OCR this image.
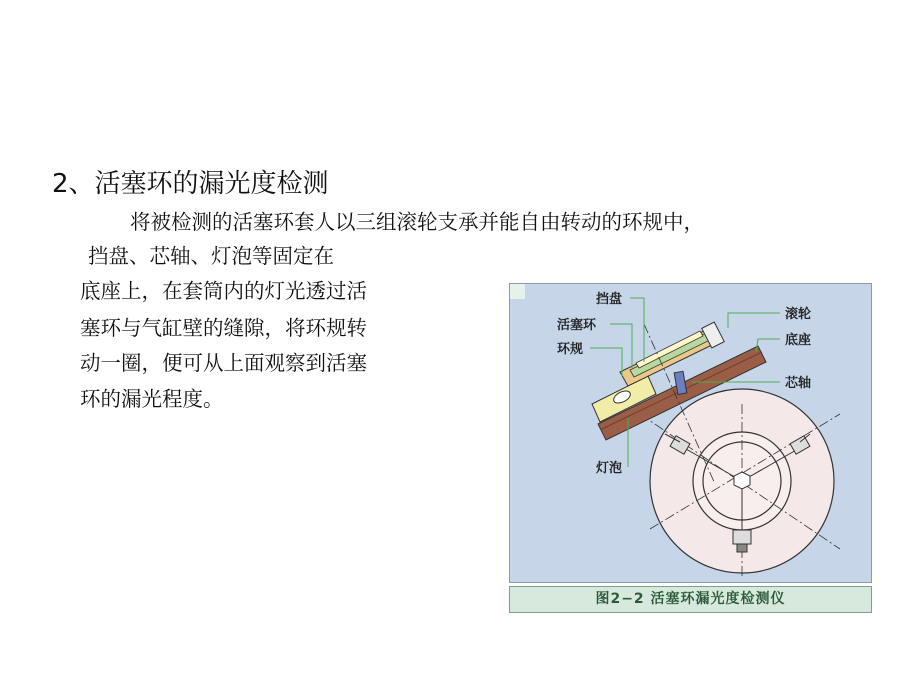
2、活塞环的漏光度检测
将被检测的活塞环套人以三组滚轮支承并能自由转动的环规中，
挡盘、芯轴、灯泡等固定在
底座上，在套筒内的灯光透过活
塞环与气缸壁的缝隙，将环规转
动一圈，便可从上面观察到活塞
环的漏光程度。
挡盘
活塞环
环规
灯泡
滚轮
底座
芯轴
图2−2 活塞环漏光度检测仪
